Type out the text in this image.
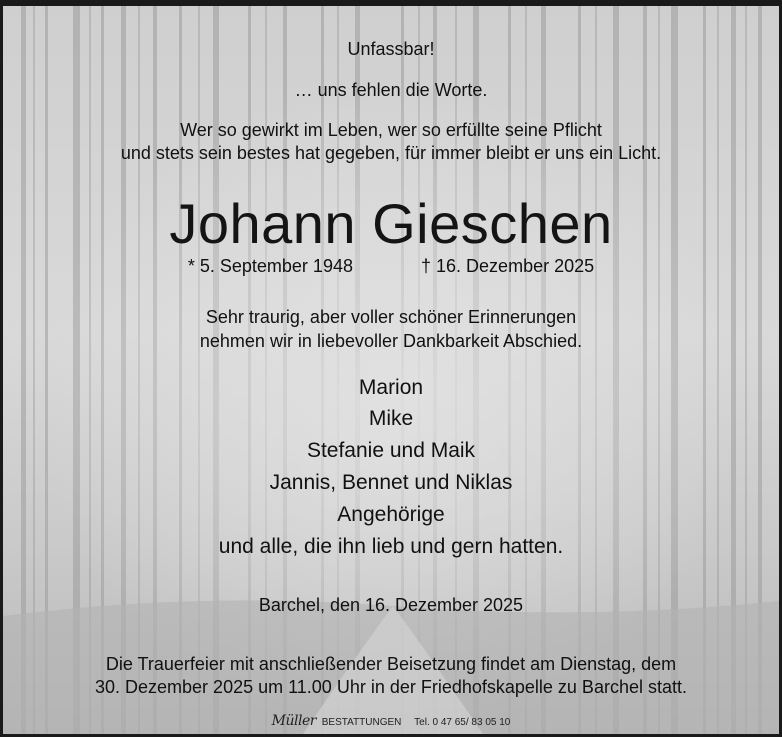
Unfassbar!
… uns fehlen die Worte.
Wer so gewirkt im Leben, wer so erfüllte seine Pflicht
und stets sein bestes hat gegeben, für immer bleibt er uns ein Licht.
Johann Gieschen
* 5. September 1948	† 16. Dezember 2025
Sehr traurig, aber voller schöner Erinnerungen
nehmen wir in liebevoller Dankbarkeit Abschied.
Marion
Mike
Stefanie und Maik
Jannis, Bennet und Niklas
Angehörige
und alle, die ihn lieb und gern hatten.
Barchel, den 16. Dezember 2025
Die Trauerfeier mit anschließender Beisetzung findet am Dienstag, dem
30. Dezember 2025 um 11.00 Uhr in der Friedhofskapelle zu Barchel statt.
Müller BESTATTUNGEN Tel. 0 47 65/ 83 05 10
